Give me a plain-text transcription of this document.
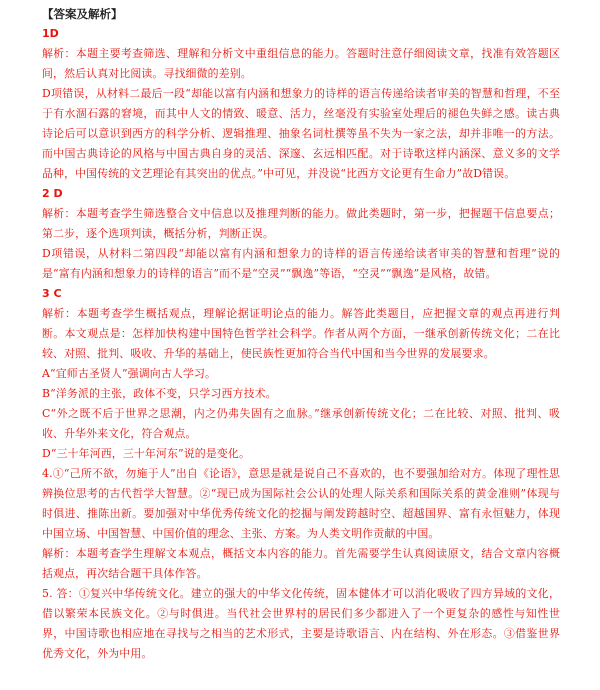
【答案及解析】
1D

解析：本题主要考查筛选、理解和分析文中重组信息的能力。答题时注意仔细阅读文章，找准有效答题区间，然后认真对比阅读。寻找细微的差别。

D项错误，从材料二最后一段“却能以富有内涵和想象力的诗样的语言传递给读者审美的智慧和哲理，不至于有水涸石露的窘境，而其中人文的情致、暖意、活力，丝毫没有实验室处理后的褪色失鲜之感。读古典诗论后可以意识到西方的科学分析、逻辑推理、抽象名词杜撰等虽不失为一家之法，却并非唯一的方法。而中国古典诗论的风格与中国古典自身的灵活、深邃、玄远相匹配。对于诗歌这样内涵深、意义多的文学品种，中国传统的文艺理论有其突出的优点。”中可见，并没说“比西方文论更有生命力”故D错误。

2 D

解析：本题考查学生筛选整合文中信息以及推理判断的能力。做此类题时，第一步，把握题干信息要点；第二步，逐个选项判读，概括分析，判断正误。

D项错误，从材料二第四段“却能以富有内涵和想象力的诗样的语言传递给读者审美的智慧和哲理”说的是“富有内涵和想象力的诗样的语言”而不是“空灵”“飘逸”等语，“空灵”“飘逸”是风格，故错。

3 C

解析：本题考查学生概括观点，理解论据证明论点的能力。解答此类题目，应把握文章的观点再进行判断。本文观点是：怎样加快构建中国特色哲学社会科学。作者从两个方面，一继承创新传统文化；二在比较、对照、批判、吸收、升华的基础上，使民族性更加符合当代中国和当今世界的发展要求。

A“宜师古圣贤人”强调向古人学习。

B“洋务派的主张，政体不变，只学习西方技术。

C“外之既不后于世界之思潮，内之仍弗失固有之血脉。”继承创新传统文化；二在比较、对照、批判、吸收、升华外来文化，符合观点。

D“三十年河西，三十年河东”说的是变化。

4.①“己所不欲，勿施于人”出自《论语》，意思是就是说自己不喜欢的，也不要强加给对方。体现了理性思辨换位思考的古代哲学大智慧。②“现已成为国际社会公认的处理人际关系和国际关系的黄金准则”体现与时俱进、推陈出新。要加强对中华优秀传统文化的挖掘与阐发跨越时空、超越国界、富有永恒魅力，体现中国立场、中国智慧、中国价值的理念、主张、方案。为人类文明作贡献的中国。

解析：本题考查学生理解文本观点，概括文本内容的能力。首先需要学生认真阅读原文，结合文章内容概括观点，再次结合题干具体作答。

5. 答：①复兴中华传统文化。建立的强大的中华文化传统，固本健体才可以消化吸收了四方异域的文化，借以繁荣本民族文化。②与时俱进。当代社会世界村的居民们多少都进入了一个更复杂的感性与知性世界，中国诗歌也相应地在寻找与之相当的艺术形式，主要是诗歌语言、内在结构、外在形态。③借鉴世界优秀文化，外为中用。
